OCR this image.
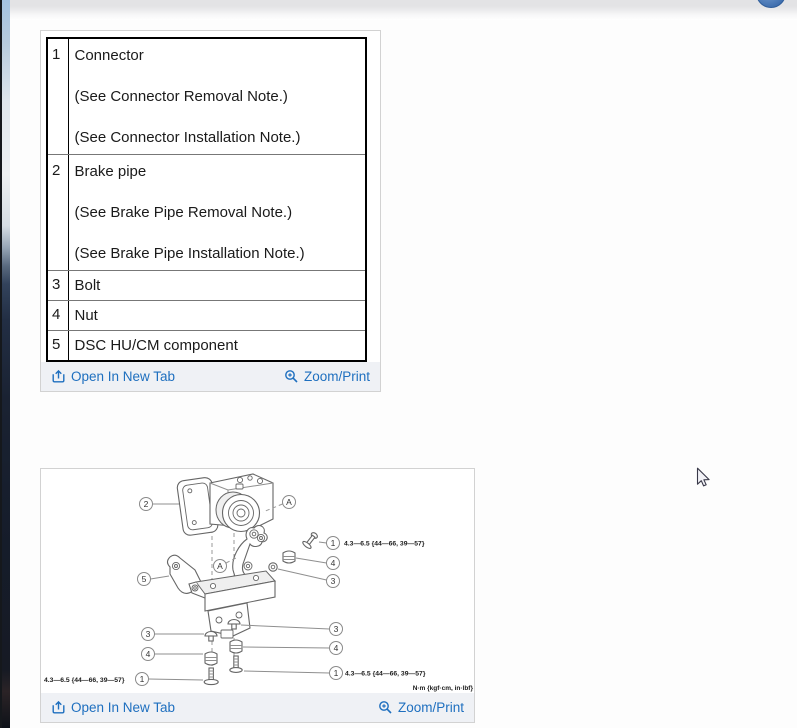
1	Connector
(See Connector Removal Note.)
(See Connector Installation Note.)

2	Brake pipe
(See Brake Pipe Removal Note.)
(See Brake Pipe Installation Note.)

3	Bolt

4	Nut

5	DSC HU/CM component
Open In New Tab	Zoom/Print
2	A
A
5
1
4
3
3
4
1
3
4
1
4.3—6.5 {44—66, 39—57}
4.3—6.5 {44—66, 39—57}
4.3—6.5 {44—66, 39—57}
N·m {kgf·cm, in·lbf}
Open In New Tab	Zoom/Print
